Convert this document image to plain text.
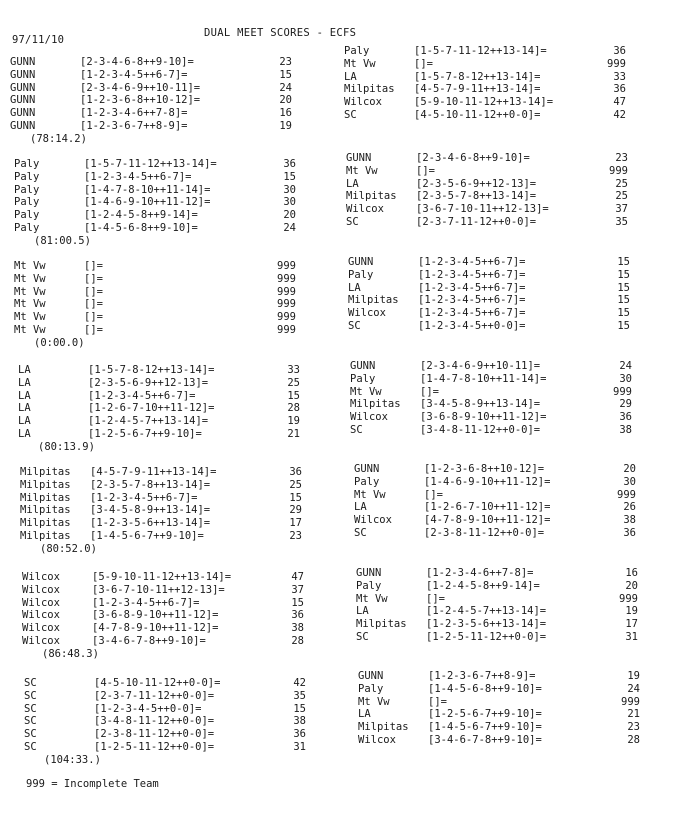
97/11/10
DUAL MEET SCORES - ECFS
GUNN	[2-3-4-6-8++9-10]=	23
GUNN	[1-2-3-4-5++6-7]=	15
GUNN	[2-3-4-6-9++10-11]=	24
GUNN	[1-2-3-6-8++10-12]=	20
GUNN	[1-2-3-4-6++7-8]=	16
GUNN	[1-2-3-6-7++8-9]=	19
(78:14.2)
Paly	[1-5-7-11-12++13-14]=	36
Paly	[1-2-3-4-5++6-7]=	15
Paly	[1-4-7-8-10++11-14]=	30
Paly	[1-4-6-9-10++11-12]=	30
Paly	[1-2-4-5-8++9-14]=	20
Paly	[1-4-5-6-8++9-10]=	24
(81:00.5)
Mt Vw	[]=	999
Mt Vw	[]=	999
Mt Vw	[]=	999
Mt Vw	[]=	999
Mt Vw	[]=	999
Mt Vw	[]=	999
(0:00.0)
LA	[1-5-7-8-12++13-14]=	33
LA	[2-3-5-6-9++12-13]=	25
LA	[1-2-3-4-5++6-7]=	15
LA	[1-2-6-7-10++11-12]=	28
LA	[1-2-4-5-7++13-14]=	19
LA	[1-2-5-6-7++9-10]=	21
(80:13.9)
Milpitas	[4-5-7-9-11++13-14]=	36
Milpitas	[2-3-5-7-8++13-14]=	25
Milpitas	[1-2-3-4-5++6-7]=	15
Milpitas	[3-4-5-8-9++13-14]=	29
Milpitas	[1-2-3-5-6++13-14]=	17
Milpitas	[1-4-5-6-7++9-10]=	23
(80:52.0)
Wilcox	[5-9-10-11-12++13-14]=	47
Wilcox	[3-6-7-10-11++12-13]=	37
Wilcox	[1-2-3-4-5++6-7]=	15
Wilcox	[3-6-8-9-10++11-12]=	36
Wilcox	[4-7-8-9-10++11-12]=	38
Wilcox	[3-4-6-7-8++9-10]=	28
(86:48.3)
SC	[4-5-10-11-12++0-0]=	42
SC	[2-3-7-11-12++0-0]=	35
SC	[1-2-3-4-5++0-0]=	15
SC	[3-4-8-11-12++0-0]=	38
SC	[2-3-8-11-12++0-0]=	36
SC	[1-2-5-11-12++0-0]=	31
(104:33.)
Paly	[1-5-7-11-12++13-14]=	36
Mt Vw	[]=	999
LA	[1-5-7-8-12++13-14]=	33
Milpitas	[4-5-7-9-11++13-14]=	36
Wilcox	[5-9-10-11-12++13-14]=	47
SC	[4-5-10-11-12++0-0]=	42
GUNN	[2-3-4-6-8++9-10]=	23
Mt Vw	[]=	999
LA	[2-3-5-6-9++12-13]=	25
Milpitas	[2-3-5-7-8++13-14]=	25
Wilcox	[3-6-7-10-11++12-13]=	37
SC	[2-3-7-11-12++0-0]=	35
GUNN	[1-2-3-4-5++6-7]=	15
Paly	[1-2-3-4-5++6-7]=	15
LA	[1-2-3-4-5++6-7]=	15
Milpitas	[1-2-3-4-5++6-7]=	15
Wilcox	[1-2-3-4-5++6-7]=	15
SC	[1-2-3-4-5++0-0]=	15
GUNN	[2-3-4-6-9++10-11]=	24
Paly	[1-4-7-8-10++11-14]=	30
Mt Vw	[]=	999
Milpitas	[3-4-5-8-9++13-14]=	29
Wilcox	[3-6-8-9-10++11-12]=	36
SC	[3-4-8-11-12++0-0]=	38
GUNN	[1-2-3-6-8++10-12]=	20
Paly	[1-4-6-9-10++11-12]=	30
Mt Vw	[]=	999
LA	[1-2-6-7-10++11-12]=	26
Wilcox	[4-7-8-9-10++11-12]=	38
SC	[2-3-8-11-12++0-0]=	36
GUNN	[1-2-3-4-6++7-8]=	16
Paly	[1-2-4-5-8++9-14]=	20
Mt Vw	[]=	999
LA	[1-2-4-5-7++13-14]=	19
Milpitas	[1-2-3-5-6++13-14]=	17
SC	[1-2-5-11-12++0-0]=	31
GUNN	[1-2-3-6-7++8-9]=	19
Paly	[1-4-5-6-8++9-10]=	24
Mt Vw	[]=	999
LA	[1-2-5-6-7++9-10]=	21
Milpitas	[1-4-5-6-7++9-10]=	23
Wilcox	[3-4-6-7-8++9-10]=	28
999 = Incomplete Team
